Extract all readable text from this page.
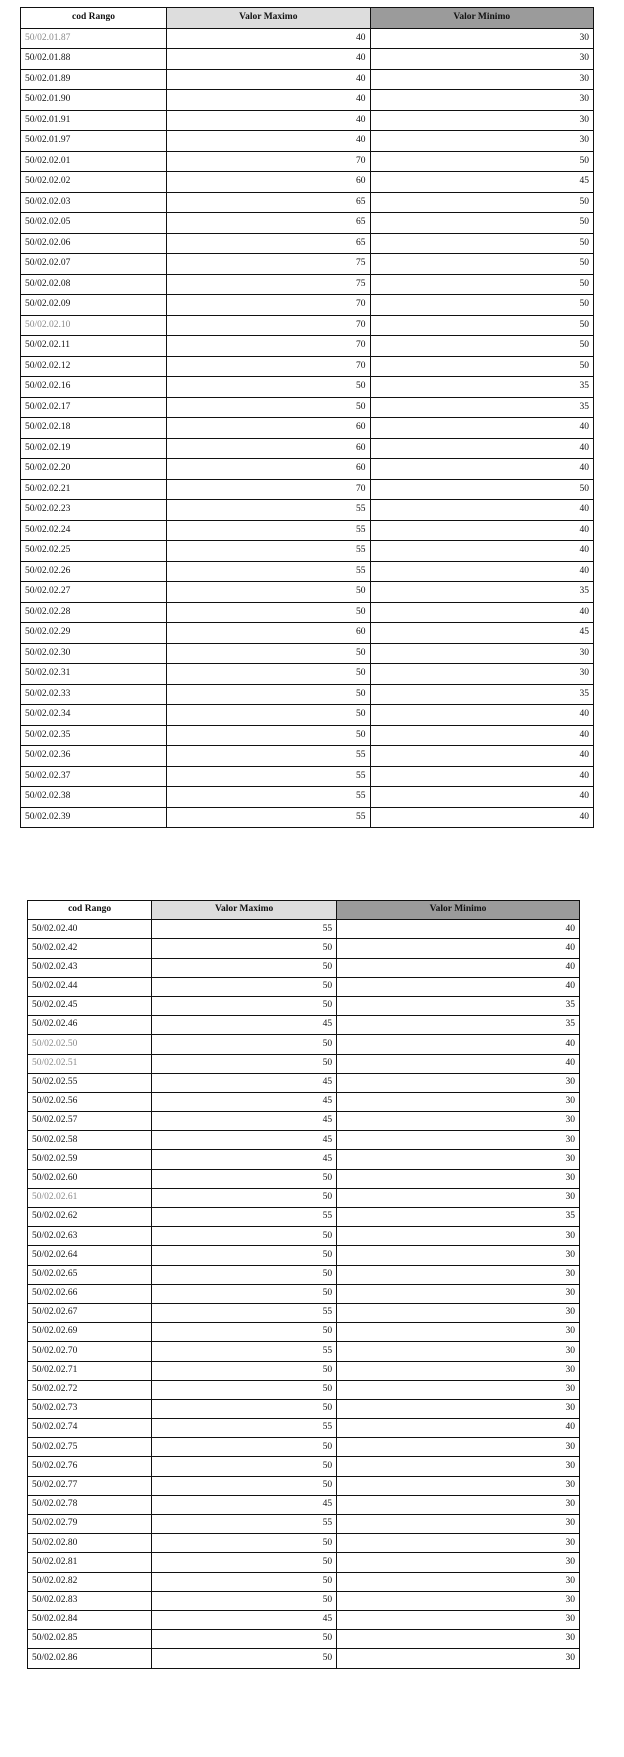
cod Rango	Valor Maximo	Valor Minimo
50/02.01.87	40	30
50/02.01.88	40	30
50/02.01.89	40	30
50/02.01.90	40	30
50/02.01.91	40	30
50/02.01.97	40	30
50/02.02.01	70	50
50/02.02.02	60	45
50/02.02.03	65	50
50/02.02.05	65	50
50/02.02.06	65	50
50/02.02.07	75	50
50/02.02.08	75	50
50/02.02.09	70	50
50/02.02.10	70	50
50/02.02.11	70	50
50/02.02.12	70	50
50/02.02.16	50	35
50/02.02.17	50	35
50/02.02.18	60	40
50/02.02.19	60	40
50/02.02.20	60	40
50/02.02.21	70	50
50/02.02.23	55	40
50/02.02.24	55	40
50/02.02.25	55	40
50/02.02.26	55	40
50/02.02.27	50	35
50/02.02.28	50	40
50/02.02.29	60	45
50/02.02.30	50	30
50/02.02.31	50	30
50/02.02.33	50	35
50/02.02.34	50	40
50/02.02.35	50	40
50/02.02.36	55	40
50/02.02.37	55	40
50/02.02.38	55	40
50/02.02.39	55	40
cod Rango	Valor Maximo	Valor Minimo
50/02.02.40	55	40
50/02.02.42	50	40
50/02.02.43	50	40
50/02.02.44	50	40
50/02.02.45	50	35
50/02.02.46	45	35
50/02.02.50	50	40
50/02.02.51	50	40
50/02.02.55	45	30
50/02.02.56	45	30
50/02.02.57	45	30
50/02.02.58	45	30
50/02.02.59	45	30
50/02.02.60	50	30
50/02.02.61	50	30
50/02.02.62	55	35
50/02.02.63	50	30
50/02.02.64	50	30
50/02.02.65	50	30
50/02.02.66	50	30
50/02.02.67	55	30
50/02.02.69	50	30
50/02.02.70	55	30
50/02.02.71	50	30
50/02.02.72	50	30
50/02.02.73	50	30
50/02.02.74	55	40
50/02.02.75	50	30
50/02.02.76	50	30
50/02.02.77	50	30
50/02.02.78	45	30
50/02.02.79	55	30
50/02.02.80	50	30
50/02.02.81	50	30
50/02.02.82	50	30
50/02.02.83	50	30
50/02.02.84	45	30
50/02.02.85	50	30
50/02.02.86	50	30
